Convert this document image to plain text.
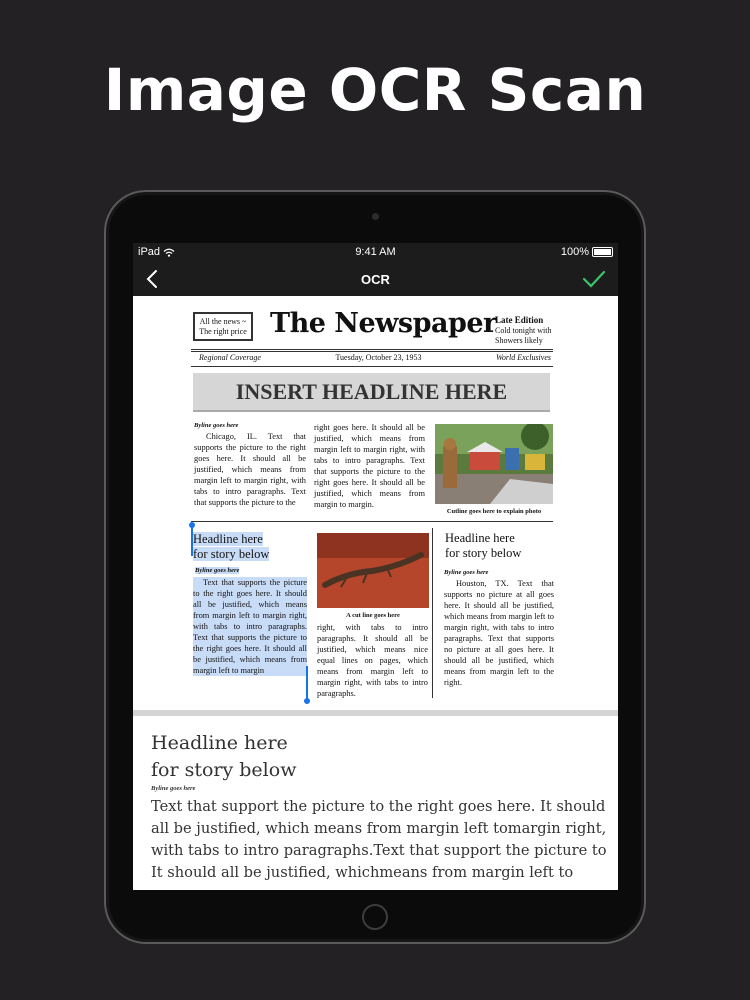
Image OCR Scan
iPad	9:41 AM	100%
OCR
All the news ~
The right price The Newspaper
Late Edition
Cold tonight with
Showers likely
Regional Coverage	Tuesday, October 23, 1953	World Exclusives
INSERT HEADLINE HERE
Byline goes here
Chicago, IL. Text that supports the picture to the right goes here. It should all be justified, which means from margin left to margin right, with tabs to intro paragraphs. Text that supports the picture to the
right goes here. It should all be justified, which means from margin left to margin right, with tabs to intro paragraphs. Text that supports the picture to the right goes here. It should all be justified, which means from margin to margin.
Cutline goes here to explain photo
Headline here
for story below
Byline goes here
Text that supports the picture to the right goes here. It should all be justified, which means from margin left to margin right, with tabs to intro paragraphs. Text that supports the picture to the right goes here. It should all be justified, which means from margin left to margin
A cut line goes here
right, with tabs to intro paragraphs. It should all be justified, which means nice equal lines on pages, which means from margin left to margin right, with tabs to intro paragraphs.
Headline here
for story below
Byline goes here
Houston, TX. Text that supports no picture at all goes here. It should all be justified, which means from margin left to margin right, with tabs to intro paragraphs. Text that supports no picture at all goes here. It should all be justified, which means from margin left to the right.
Headline here
for story below
Byline goes here
Text that support the picture to the right goes here. It should all be justified, which means from margin left tomargin right, with tabs to intro paragraphs.Text that support the picture to It should all be justified, whichmeans from margin left to
